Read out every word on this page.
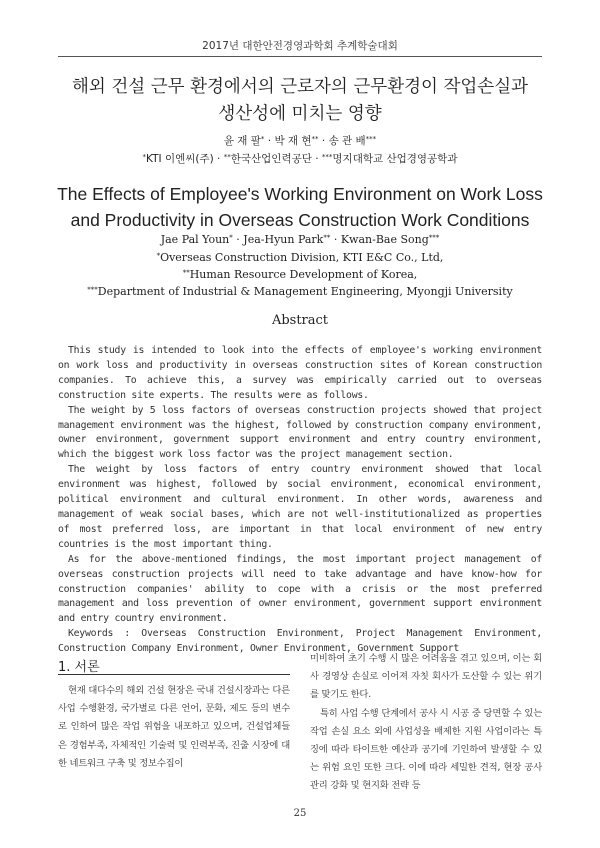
2017년 대한안전경영과학회 추계학술대회
해외 건설 근무 환경에서의 근로자의 근무환경이 작업손실과
생산성에 미치는 영향
윤 재 팔* · 박 재 현** · 송 관 배***
*KTI 이엔씨(주) · **한국산업인력공단 · ***명지대학교 산업경영공학과
The Effects of Employee's Working Environment on Work Loss
and Productivity in Overseas Construction Work Conditions
Jae Pal Youn* · Jea-Hyun Park** · Kwan-Bae Song***
*Overseas Construction Division, KTI E&C Co., Ltd,
**Human Resource Development of Korea,
***Department of Industrial & Management Engineering, Myongji University
Abstract

This study is intended to look into the effects of employee's working environment on work loss and productivity in overseas construction sites of Korean construction companies. To achieve this, a survey was empirically carried out to overseas construction site experts. The results were as follows.

The weight by 5 loss factors of overseas construction projects showed that project management environment was the highest, followed by construction company environment, owner environment, government support environment and entry country environment, which the biggest work loss factor was the project management section.

The weight by loss factors of entry country environment showed that local environment was highest, followed by social environment, economical environment, political environment and cultural environment. In other words, awareness and management of weak social bases, which are not well-institutionalized as properties of most preferred loss, are important in that local environment of new entry countries is the most important thing.

As for the above-mentioned findings, the most important project management of overseas construction projects will need to take advantage and have know-how for construction companies' ability to cope with a crisis or the most preferred management and loss prevention of owner environment, government support environment and entry country environment.

Keywords : Overseas Construction Environment, Project Management Environment, Construction Company Environment, Owner Environment, Government Support

1. 서론

현재 대다수의 해외 건설 현장은 국내 건설시장과는 다른 사업 수행환경, 국가별로 다른 언어, 문화, 제도 등의 변수로 인하여 많은 작업 위험을 내포하고 있으며, 건설업체들은 경험부족, 자체적인 기술력 및 인력부족, 진출 시장에 대한 네트워크 구축 및 정보수집이

미비하여 초기 수행 시 많은 어려움을 겪고 있으며, 이는 회사 경영상 손실로 이어져 자칫 회사가 도산할 수 있는 위기를 맞기도 한다.

특히 사업 수행 단계에서 공사 시 시공 중 당면할 수 있는 작업 손실 요소 외에 사업성을 배제한 지원 사업이라는 특징에 따라 타이트한 예산과 공기에 기인하여 발생할 수 있는 위험 요인 또한 크다. 이에 따라 세밀한 견적, 현장 공사 관리 강화 및 현지화 전략 등

25
